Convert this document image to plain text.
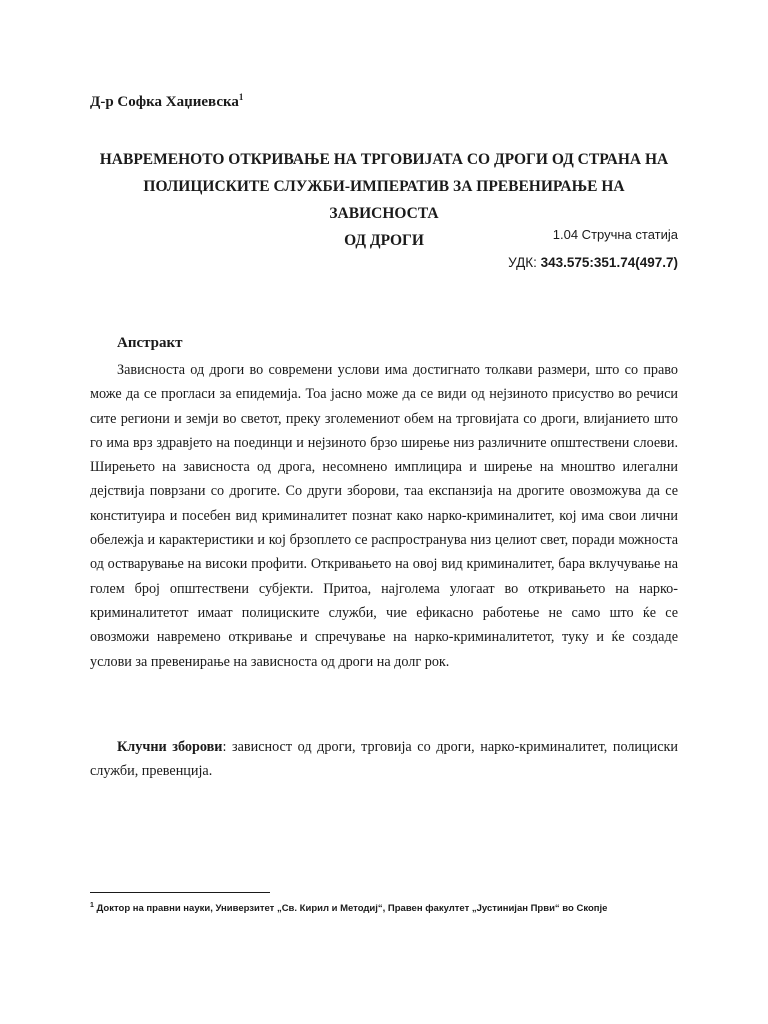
Д-р Софка Хаџиевска$^1$
НАВРЕМЕНОТО ОТКРИВАЊЕ НА ТРГОВИЈАТА СО ДРОГИ ОД СТРАНА НА
ПОЛИЦИСКИТЕ СЛУЖБИ-ИМПЕРАТИВ ЗА ПРЕВЕНИРАЊЕ НА ЗАВИСНОСТА
ОД ДРОГИ	1.04 Стручна статија
УДК: 343.575:351.74(497.7)
Апстракт

Зависноста од дроги во современи услови има достигнато толкави размери, што со право може да се прогласи за епидемија. Тоа јасно може да се види од нејзиното присуство во речиси сите региони и земји во светот, преку зголемениот обем на трговијата со дроги, влијанието што го има врз здравјето на поединци и нејзиното брзо ширење низ различните општествени слоеви. Ширењето на зависноста од дрога, несомнено имплицира и ширење на мноштво илегални дејствија поврзани со дрогите. Со други зборови, таа експанзија на дрогите овозможува да се конституира и посебен вид криминалитет познат како нарко-криминалитет, кој има свои лични обележја и карактеристики и кој брзоплетo се распространува низ целиот свет, поради можноста од остварување на високи профити. Откривањето на овој вид криминалитет, бара вклучување на голем број општествени субјекти. Притоа, најголема улогаат во откривањето на нарко-криминалитетот имаат полициските служби, чие ефикасно работење не само што ќе се овозможи навремено откривање и спречување на нарко-криминалитетот, туку и ќе создаде услови за превенирање на зависноста од дроги на долг рок.

Клучни зборови: зависност од дроги, трговија со дроги, нарко-криминалитет, полициски служби, превенција.

$^1$ Доктор на правни науки, Универзитет „Св. Кирил и Методиј“, Правен факултет „Јустинијан Први“ во Скопје
